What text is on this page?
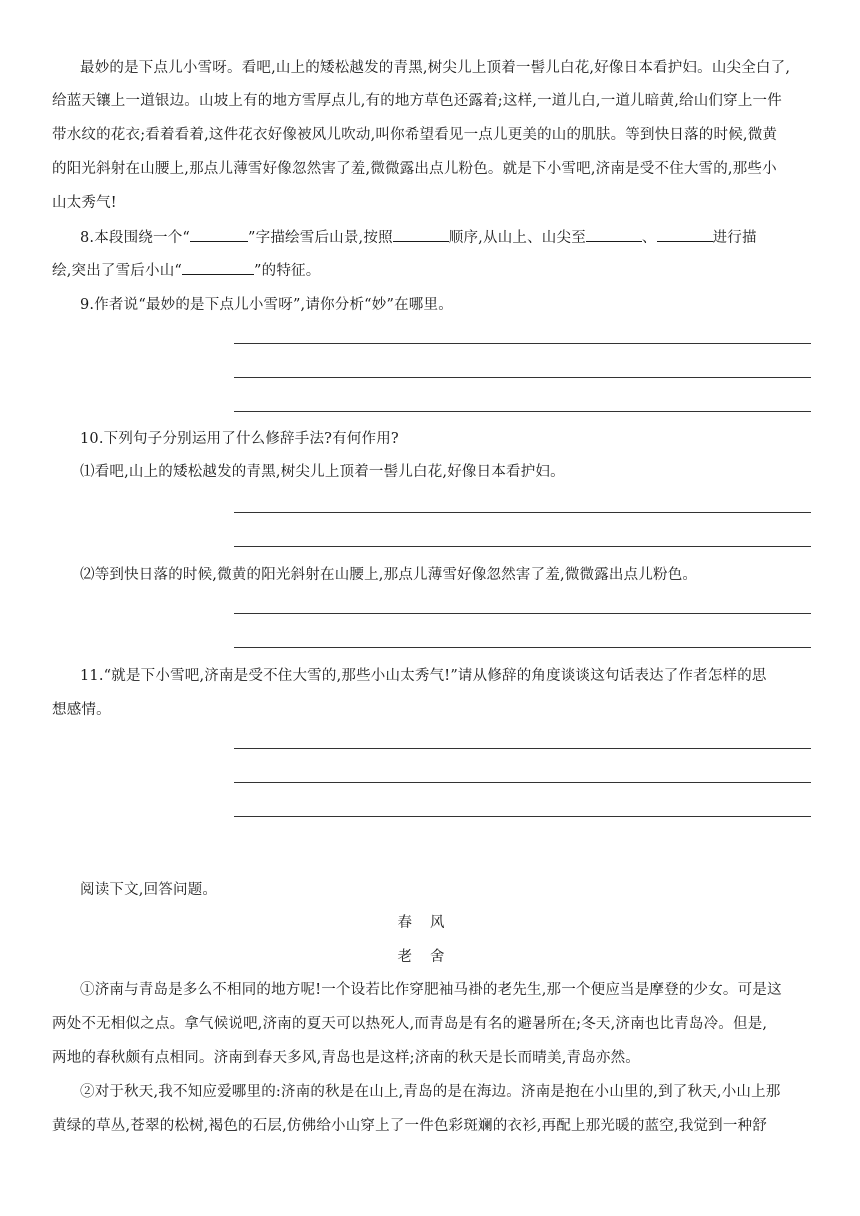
最妙的是下点儿小雪呀。看吧,山上的矮松越发的青黑,树尖儿上顶着一髻儿白花,好像日本看护妇。山尖全白了,
给蓝天镶上一道银边。山坡上有的地方雪厚点儿,有的地方草色还露着;这样,一道儿白,一道儿暗黄,给山们穿上一件
带水纹的花衣;看着看着,这件花衣好像被风儿吹动,叫你希望看见一点儿更美的山的肌肤。等到快日落的时候,微黄
的阳光斜射在山腰上,那点儿薄雪好像忽然害了羞,微微露出点儿粉色。就是下小雪吧,济南是受不住大雪的,那些小
山太秀气!
8.本段围绕一个“	”字描绘雪后山景,按照	顺序,从山上、山尖至	、	进行描
绘,突出了雪后小山“	”的特征。
9.作者说“最妙的是下点儿小雪呀”,请你分析“妙”在哪里。
10.下列句子分别运用了什么修辞手法?有何作用?
⑴看吧,山上的矮松越发的青黑,树尖儿上顶着一髻儿白花,好像日本看护妇。
⑵等到快日落的时候,微黄的阳光斜射在山腰上,那点儿薄雪好像忽然害了羞,微微露出点儿粉色。
11.“就是下小雪吧,济南是受不住大雪的,那些小山太秀气!”请从修辞的角度谈谈这句话表达了作者怎样的思
想感情。
阅读下文,回答问题。
春风
老舍
①济南与青岛是多么不相同的地方呢!一个设若比作穿肥袖马褂的老先生,那一个便应当是摩登的少女。可是这
两处不无相似之点。拿气候说吧,济南的夏天可以热死人,而青岛是有名的避暑所在;冬天,济南也比青岛冷。但是,
两地的春秋颇有点相同。济南到春天多风,青岛也是这样;济南的秋天是长而晴美,青岛亦然。
②对于秋天,我不知应爱哪里的:济南的秋是在山上,青岛的是在海边。济南是抱在小山里的,到了秋天,小山上那
黄绿的草丛,苍翠的松树,褐色的石层,仿佛给小山穿上了一件色彩斑斓的衣衫,再配上那光暖的蓝空,我觉到一种舒
